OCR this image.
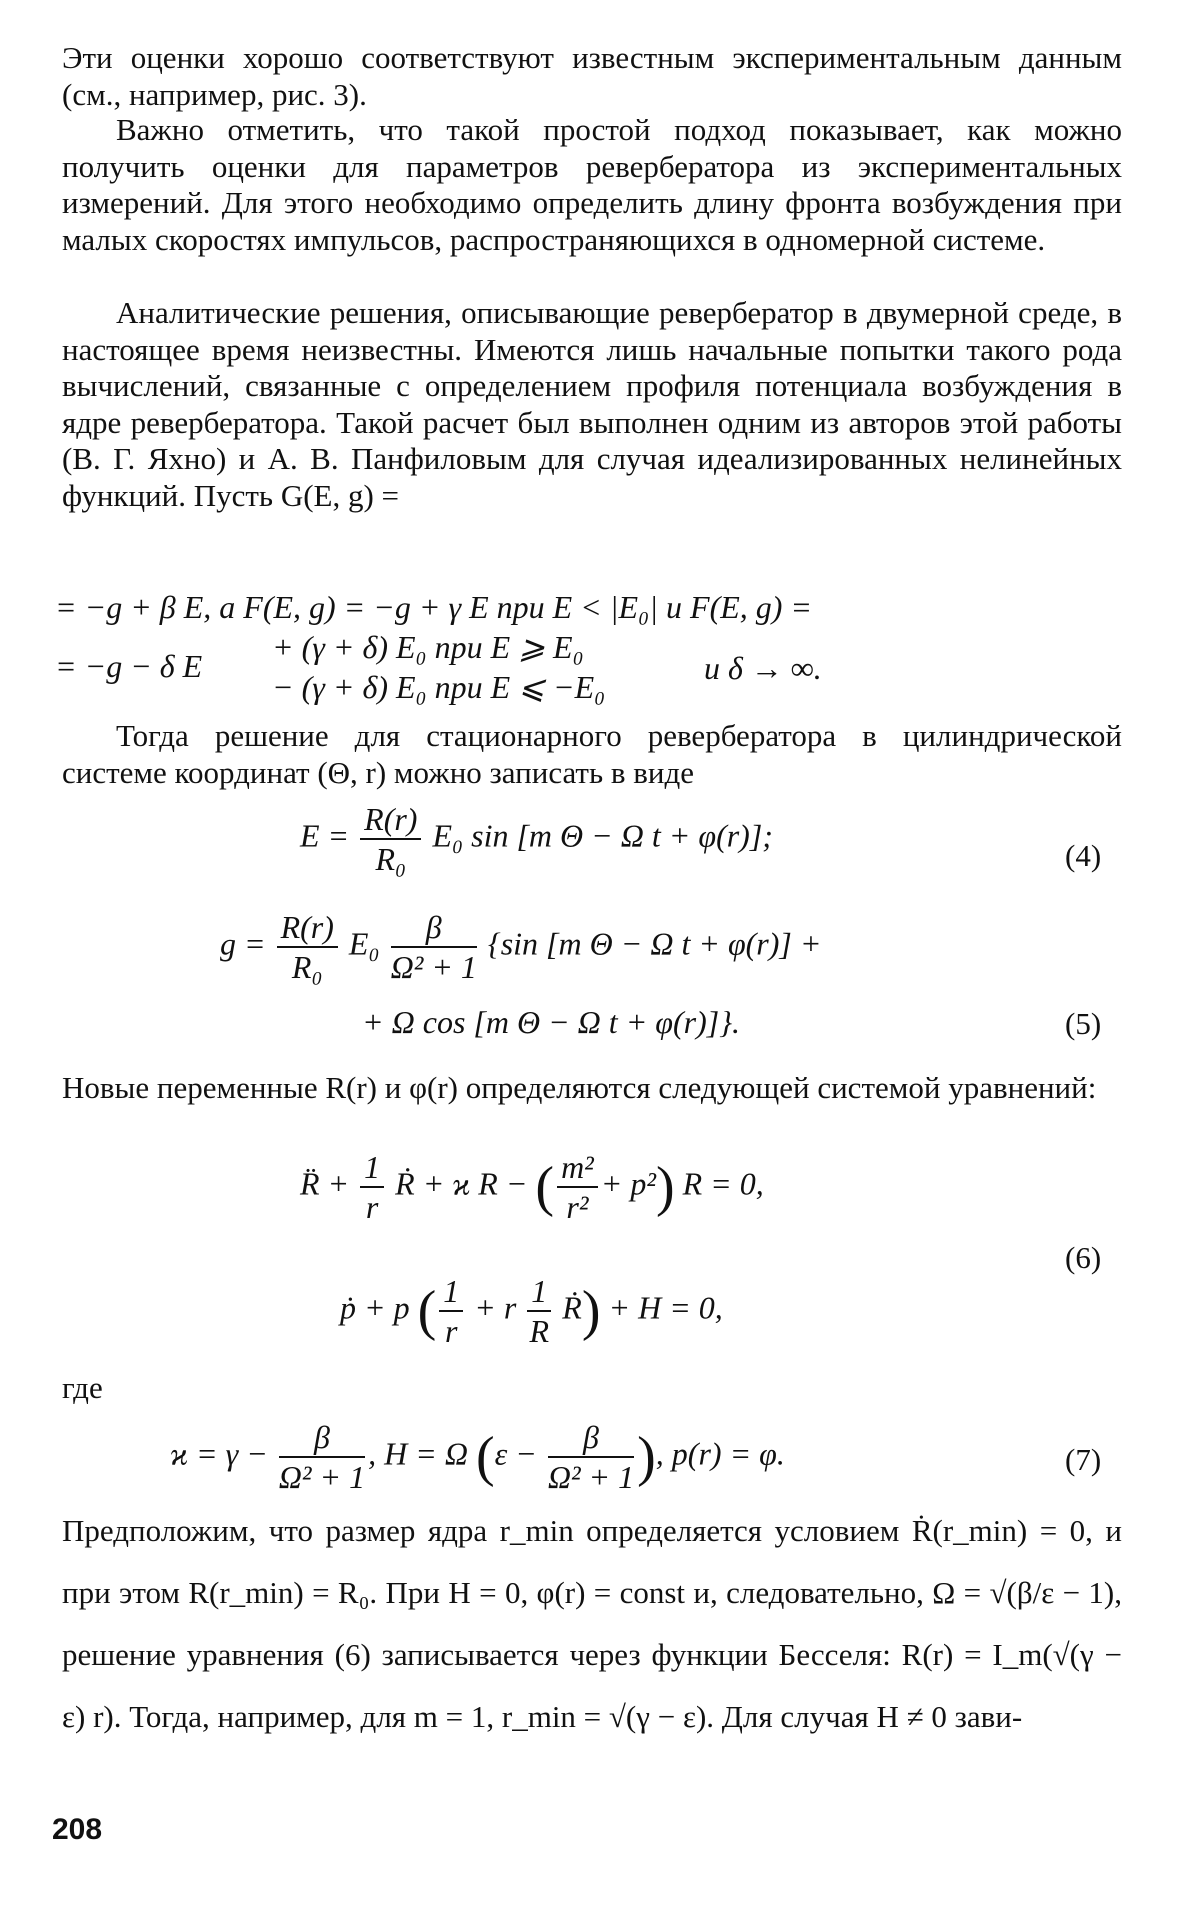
Эти оценки хорошо соответствуют известным экспериментальным данным (см., например, рис. 3).

Важно отметить, что такой простой подход показывает, как можно получить оценки для параметров ревербератора из экспериментальных измерений. Для этого необходимо определить длину фронта возбуждения при малых скоростях импульсов, распространяющихся в одномерной системе.

Аналитические решения, описывающие ревербератор в двумерной среде, в настоящее время неизвестны. Имеются лишь начальные попытки такого рода вычислений, связанные с определением профиля потенциала возбуждения в ядре ревербератора. Такой расчет был выполнен одним из авторов этой работы (В. Г. Яхно) и А. В. Панфиловым для случая идеализированных нелинейных функций. Пусть G(E, g) =

= −g + β E, а F(E, g) = −g + γ E при E < |E₀| и F(E, g) =
= −g − δ E
+ (γ + δ) E₀ при E ⩾ E₀
− (γ + δ) E₀ при E ⩽ −E₀
и δ → ∞.

Тогда решение для стационарного ревербератора в цилиндрической системе координат (Θ, r) можно записать в виде

$E = \frac{R(r)}{\text{R₀}} E_0$ sin [m Θ − Ω t + φ(r)];
(4)
$g = \frac{R(r)}{\text{R₀}} E_0 \frac{\beta}{\text{Ω² + 1}} \{\sin$ [m Θ − Ω t + φ(r)] +
+ Ω cos [m Θ − Ω t + φ(r)]}.	(5)

Новые переменные R(r) и φ(r) определяются следующей системой уравнений:

R̈ + $\frac{1}{r}$ Ṙ + ϰ R − ( $\frac{\text{m²}}{\text{r²}} + p^2$) R = 0,
(6)
ṗ + p ( $\frac{1}{r} + r \frac{1}{R}$ Ṙ) + H = 0,
где
$ϰ = \gamma - \frac{\beta}{\text{Ω² + 1}}$ , H = Ω ($\varepsilon - \frac{\beta}{\text{Ω² + 1}}$ ), p(r) = φ.	(7)

Предположим, что размер ядра r_min определяется условием Ṙ(r_min) = 0, и при этом R(r_min) = R₀. При H = 0, φ(r) = const и, следовательно, Ω = √(β/ε − 1), решение уравнения (6) записывается через функции Бесселя: R(r) = I_m(√(γ − ε) r). Тогда, например, для m = 1, r_min = √(γ − ε). Для случая H ≠ 0 зави-

208
